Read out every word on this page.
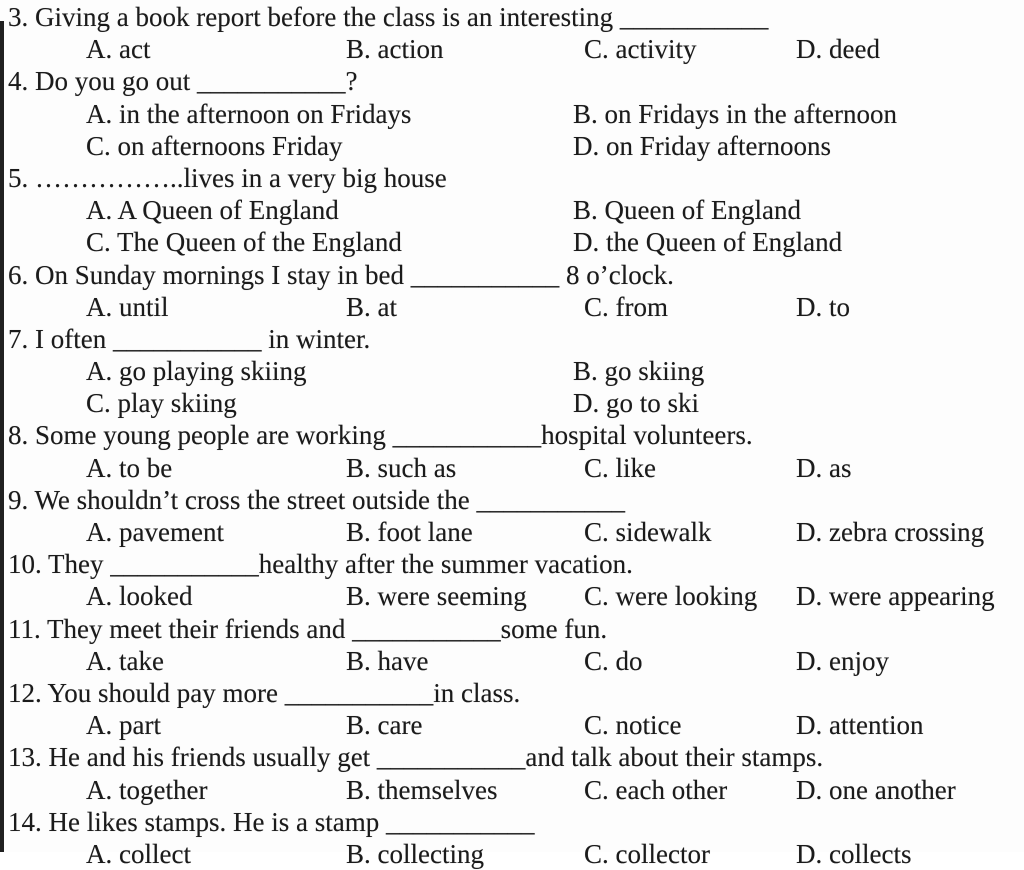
3. Giving a book report before the class is an interesting ___________
A. act	B. action	C. activity	D. deed
4. Do you go out ___________?
A. in the afternoon on Fridays	B. on Fridays in the afternoon
C. on afternoons Friday	D. on Friday afternoons
5. ……………..lives in a very big house
A. A Queen of England	B. Queen of England
C. The Queen of the England	D. the Queen of England
6. On Sunday mornings I stay in bed ___________ 8 o’clock.
A. until	B. at	C. from	D. to
7. I often ___________ in winter.
A. go playing skiing	B. go skiing
C. play skiing	D. go to ski
8. Some young people are working ___________hospital volunteers.
A. to be	B. such as	C. like	D. as
9. We shouldn’t cross the street outside the ___________
A. pavement	B. foot lane	C. sidewalk	D. zebra crossing
10. They ___________healthy after the summer vacation.
A. looked	B. were seeming	C. were looking	D. were appearing
11. They meet their friends and ___________some fun.
A. take	B. have	C. do	D. enjoy
12. You should pay more ___________in class.
A. part	B. care	C. notice	D. attention
13. He and his friends usually get ___________and talk about their stamps.
A. together	B. themselves	C. each other	D. one another
14. He likes stamps. He is a stamp ___________
A. collect	B. collecting	C. collector	D. collects
